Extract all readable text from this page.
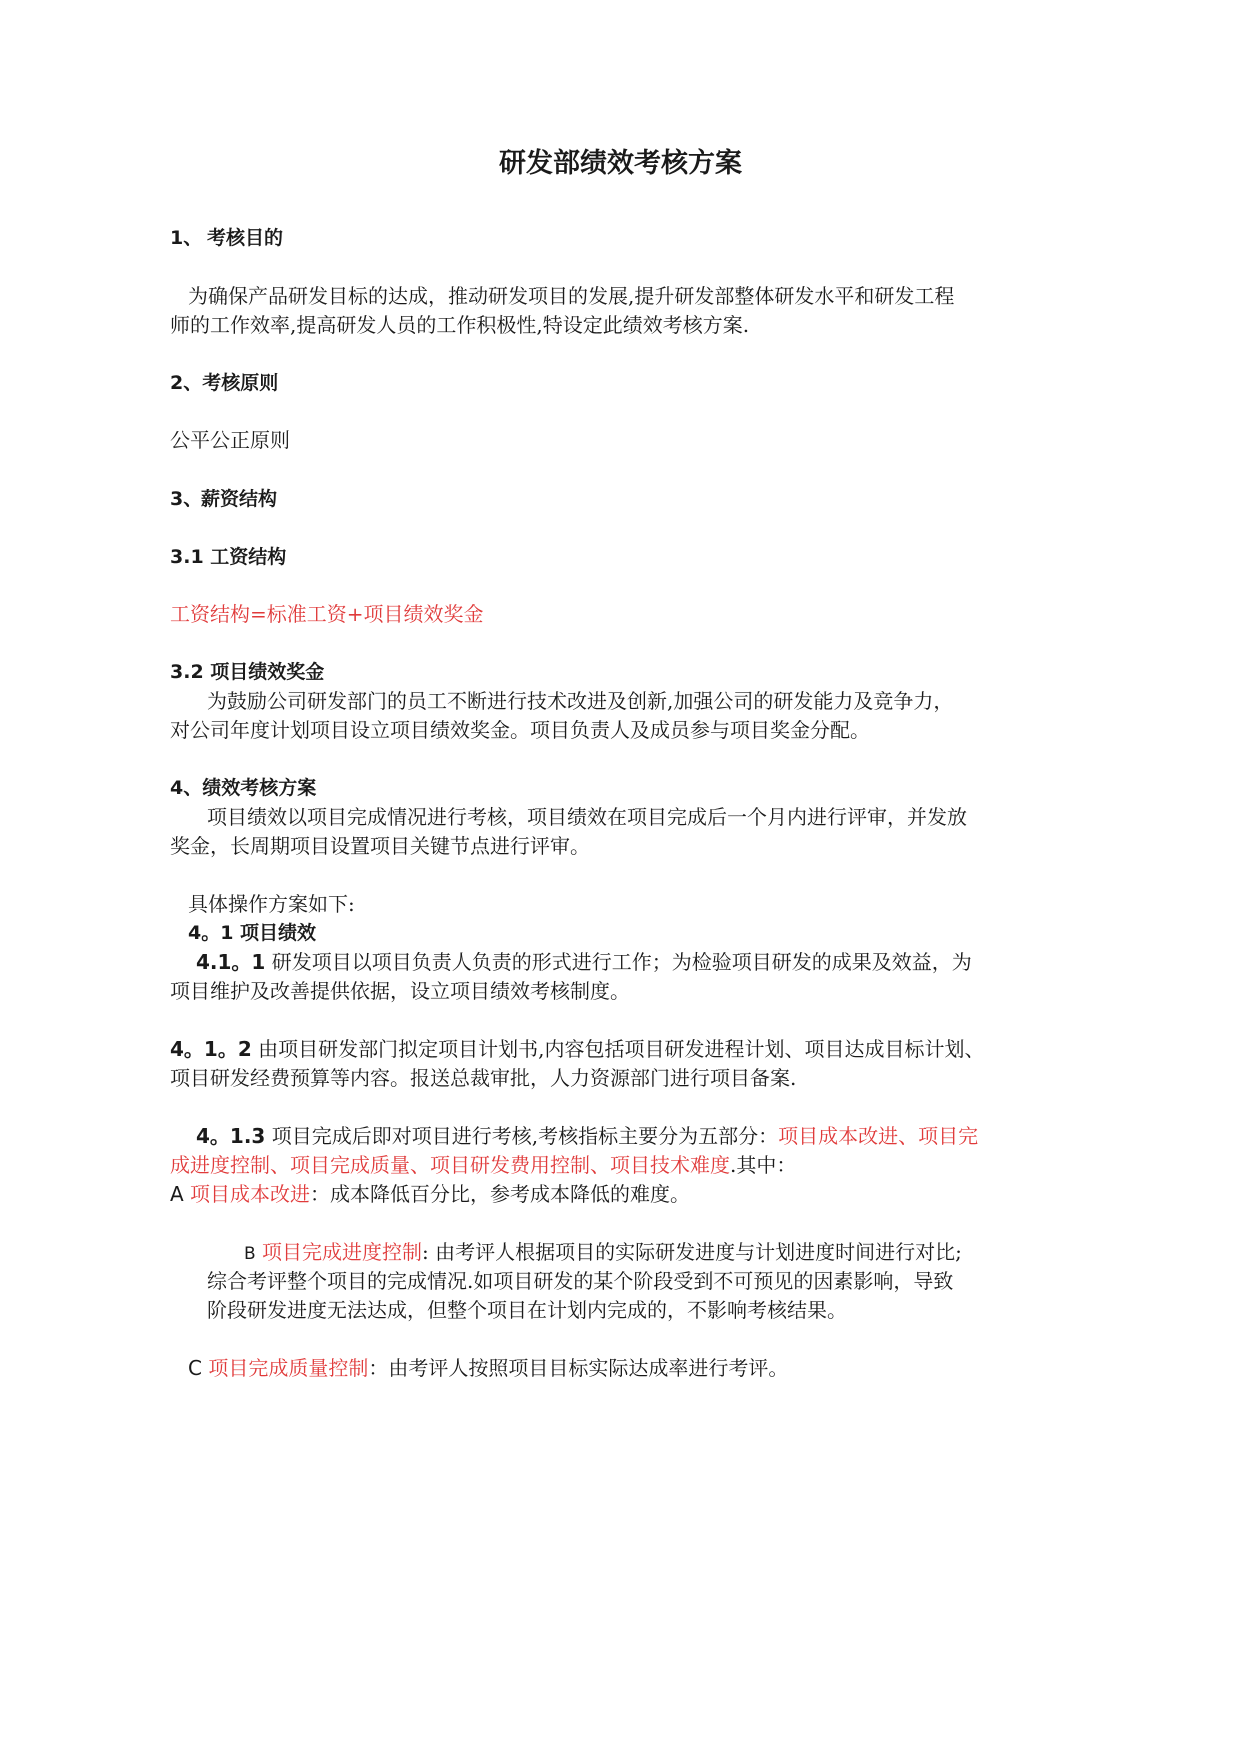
研发部绩效考核方案
1、 考核目的
为确保产品研发目标的达成，推动研发项目的发展,提升研发部整体研发水平和研发工程
师的工作效率,提高研发人员的工作积极性,特设定此绩效考核方案.
2、考核原则
公平公正原则
3、
薪资结构
3.1 工资结构
工资结构=标准工资+项目绩效奖金
3.2 项目绩效奖金
为鼓励公司研发部门的员工不断进行技术改进及创新,加强公司的研发能力及竞争力，
对公司年度计划项目设立项目绩效奖金。项目负责人及成员参与项目奖金分配。
4、绩效考核方案
项目绩效以项目完成情况进行考核，项目绩效在项目完成后一个月内进行评审，并发放
奖金，长周期项目设置项目关键节点进行评审。
具体操作方案如下:
4。1 项目绩效
4.1。1 研发项目以项目负责人负责的形式进行工作；为检验项目研发的成果及效益，为
项目维护及改善提供依据，设立项目绩效考核制度。
4。1。2 由项目研发部门拟定项目计划书,内容包括项目研发进程计划、项目达成目标计划、
项目研发经费预算等内容。报送总裁审批，人力资源部门进行项目备案.
4。1.3 项目完成后即对项目进行考核,考核指标主要分为五部分：项目成本改进、项目完
成进度控制、项目完成质量、项目研发费用控制、项目技术难度.其中：
A 项目成本改进：成本降低百分比，参考成本降低的难度。
B 项目完成进度控制: 由考评人根据项目的实际研发进度与计划进度时间进行对比;
综合考评整个项目的完成情况.如项目研发的某个阶段受到不可预见的因素影响，导致
阶段研发进度无法达成，但整个项目在计划内完成的，不影响考核结果。
C 项目完成质量控制：由考评人按照项目目标实际达成率进行考评。
